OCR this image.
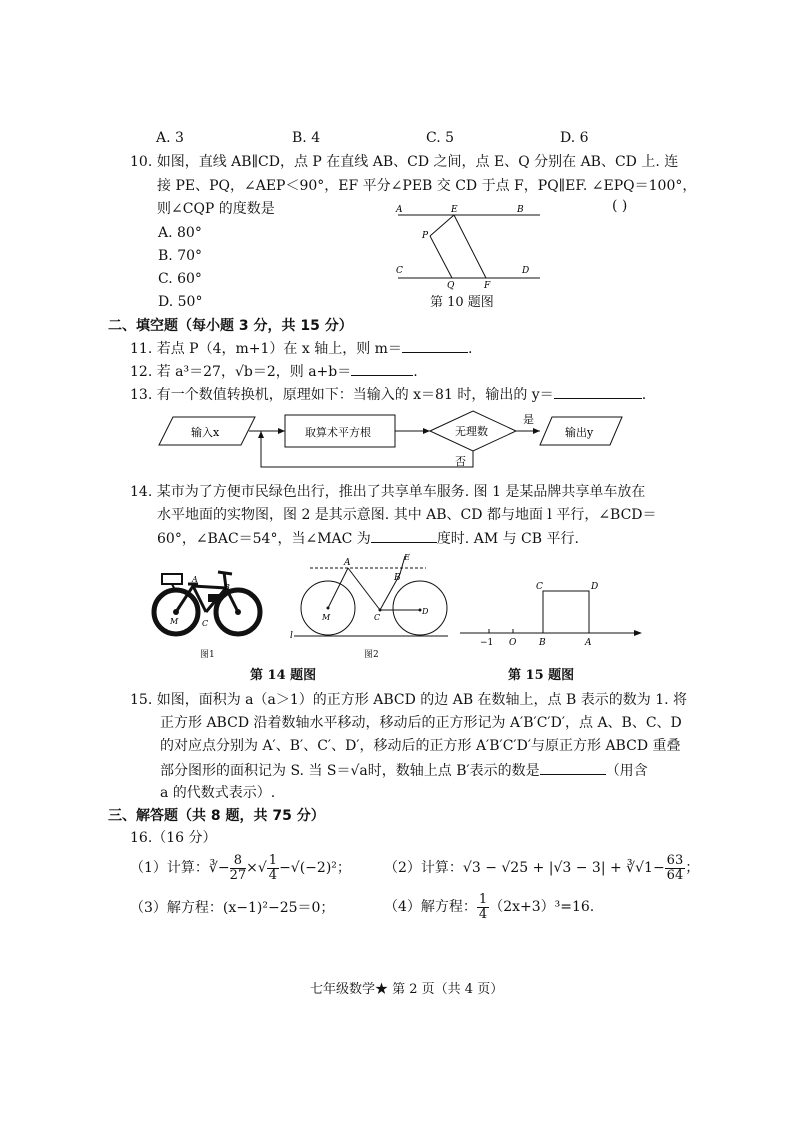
A. 3	B. 4	C. 5	D. 6
10. 如图，直线 AB∥CD，点 P 在直线 AB、CD 之间，点 E、Q 分别在 AB、CD 上. 连
接 PE、PQ，∠AEP＜90°，EF 平分∠PEB 交 CD 于点 F，PQ∥EF. ∠EPQ＝100°，
则∠CQP 的度数是	( )
A. 80°
B. 70°
C. 60°
D. 50°
A	E	B
P
C
Q	F
D
第 10 题图
二、填空题（每小题 3 分，共 15 分）
11. 若点 P（4，m+1）在 x 轴上，则 m＝	.
12. 若 a³＝27，√b＝2，则 a+b＝	.
13. 有一个数值转换机，原理如下：当输入的 x＝81 时，输出的 y＝	.
输入x	取算术平方根	无理数
是
输出y
否
14. 某市为了方便市民绿色出行，推出了共享单车服务. 图 1 是某品牌共享单车放在
水平地面的实物图，图 2 是其示意图. 其中 AB、CD 都与地面 l 平行，∠BCD＝
60°，∠BAC＝54°，当∠MAC 为	度时. AM 与 CB 平行.
A
B
M	C
图1
A
E
B
M	C
D
l
图2
第 14 题图
C	D
−1 O	B	A
第 15 题图
15. 如图，面积为 a（a＞1）的正方形 ABCD 的边 AB 在数轴上，点 B 表示的数为 1. 将
正方形 ABCD 沿着数轴水平移动，移动后的正方形记为 A′B′C′D′，点 A、B、C、D
的对应点分别为 A′、B′、C′、D′，移动后的正方形 A′B′C′D′与原正方形 ABCD 重叠
部分图形的面积记为 S. 当 S＝√a时，数轴上点 B′表示的数是	（用含
a 的代数式表示）.
三、解答题（共 8 题，共 75 分）
16.（16 分）
（1）计算：∛− $\frac{8}{27}$ ×√ $\frac{1}{4} -√(-2)^2$； （2）计算：√3 − √25 + |√3 − 3| + ∛√1− $\frac{63}{64}$ ；
（3）解方程：(x−1)²−25＝0；	（4）解方程： $\frac{1}{4} (2x+3)^3=16$.
七年级数学★ 第 2 页（共 4 页）
